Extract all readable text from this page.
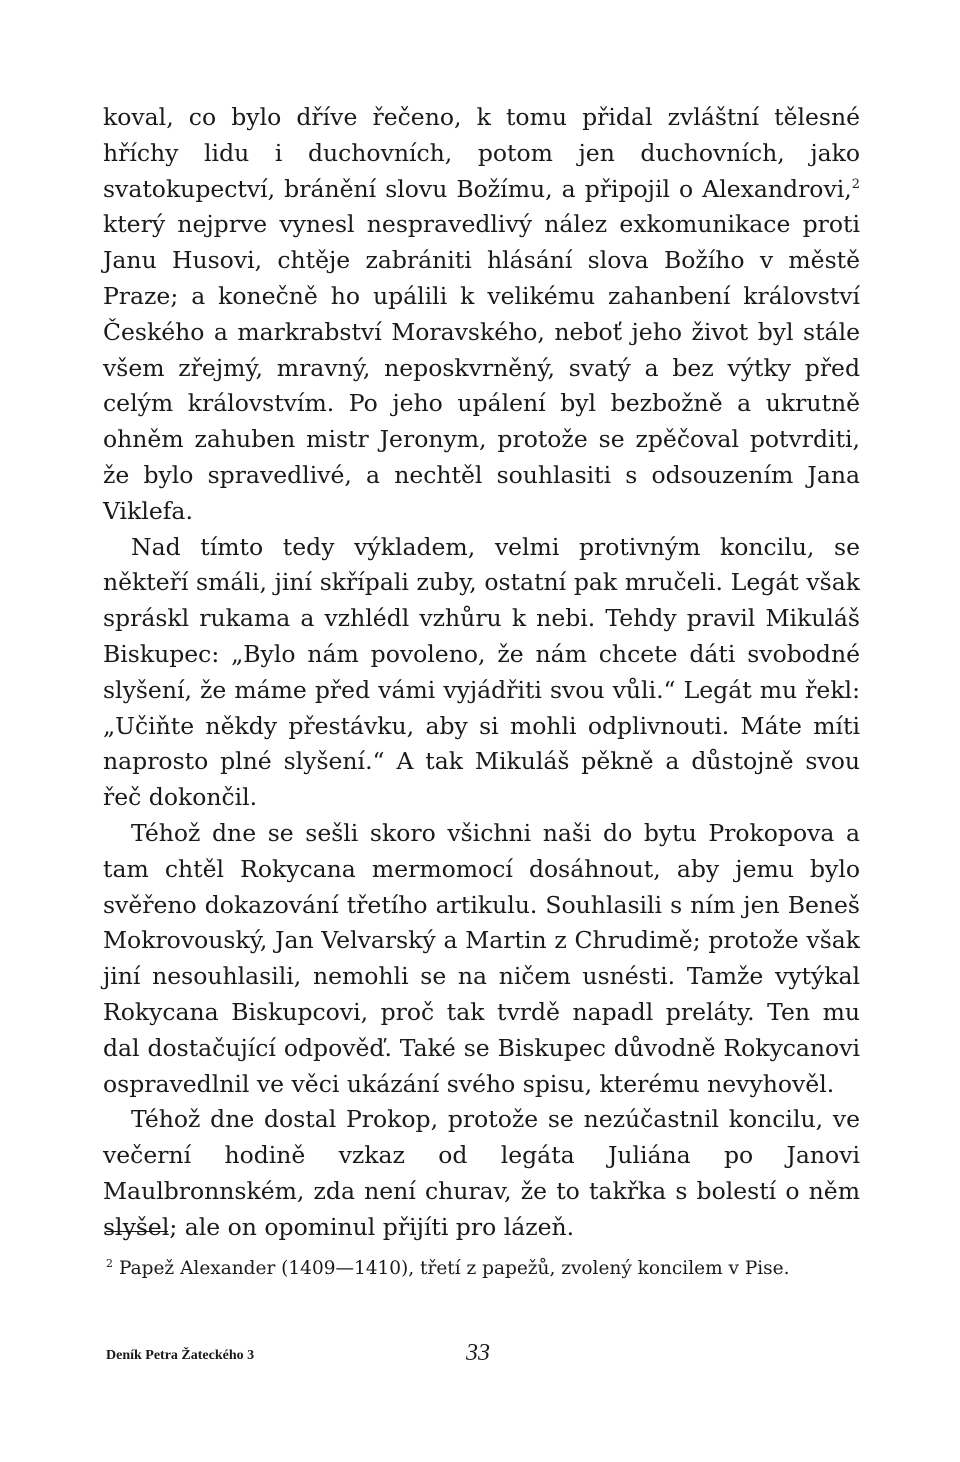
koval, co bylo dříve řečeno, k tomu přidal zvláštní tělesné hříchy lidu i duchovních, potom jen duchovních, jako svatokupectví, bránění slovu Božímu, a připojil o Alexandrovi,$^2$ který nejprve vynesl nespravedlivý nález exkomunikace proti Janu Husovi, chtěje zabrániti hlásání slova Božího v městě Praze; a konečně ho upálili k velikému zahanbení království Českého a markrabství Moravského, neboť jeho život byl stále všem zřejmý, mravný, neposkvrněný, svatý a bez výtky před celým královstvím. Po jeho upálení byl bezbožně a ukrutně ohněm zahuben mistr Jeronym, protože se zpěčoval potvrditi, že bylo spravedlivé, a nechtěl souhlasiti s odsouzením Jana Viklefa.

Nad tímto tedy výkladem, velmi protivným koncilu, se někteří smáli, jiní skřípali zuby, ostatní pak mručeli. Legát však spráskl rukama a vzhlédl vzhůru k nebi. Tehdy pravil Mikuláš Biskupec: „Bylo nám povoleno, že nám chcete dáti svobodné slyšení, že máme před vámi vyjádřiti svou vůli.“ Legát mu řekl: „Učiňte někdy přestávku, aby si mohli odplivnouti. Máte míti naprosto plné slyšení.“ A tak Mikuláš pěkně a důstojně svou řeč dokončil.

Téhož dne se sešli skoro všichni naši do bytu Prokopova a tam chtěl Rokycana mermomocí dosáhnout, aby jemu bylo svěřeno dokazování třetího artikulu. Souhlasili s ním jen Beneš Mokrovouský, Jan Velvarský a Martin z Chrudimě; protože však jiní nesouhlasili, nemohli se na ničem usnésti. Tamže vytýkal Rokycana Biskupcovi, proč tak tvrdě napadl preláty. Ten mu dal dostačující odpověď. Také se Biskupec důvodně Rokycanovi ospravedlnil ve věci ukázání svého spisu, kterému nevyhověl.

Téhož dne dostal Prokop, protože se nezúčastnil koncilu, ve večerní hodině vzkaz od legáta Juliána po Janovi Maulbronnském, zda není churav, že to takřka s bolestí o něm slyšel; ale on opominul přijíti pro lázeň.

$^2$ Papež Alexander (1409—1410), třetí z papežů, zvolený koncilem v Pise.

Deník Petra Žateckého 3	33
